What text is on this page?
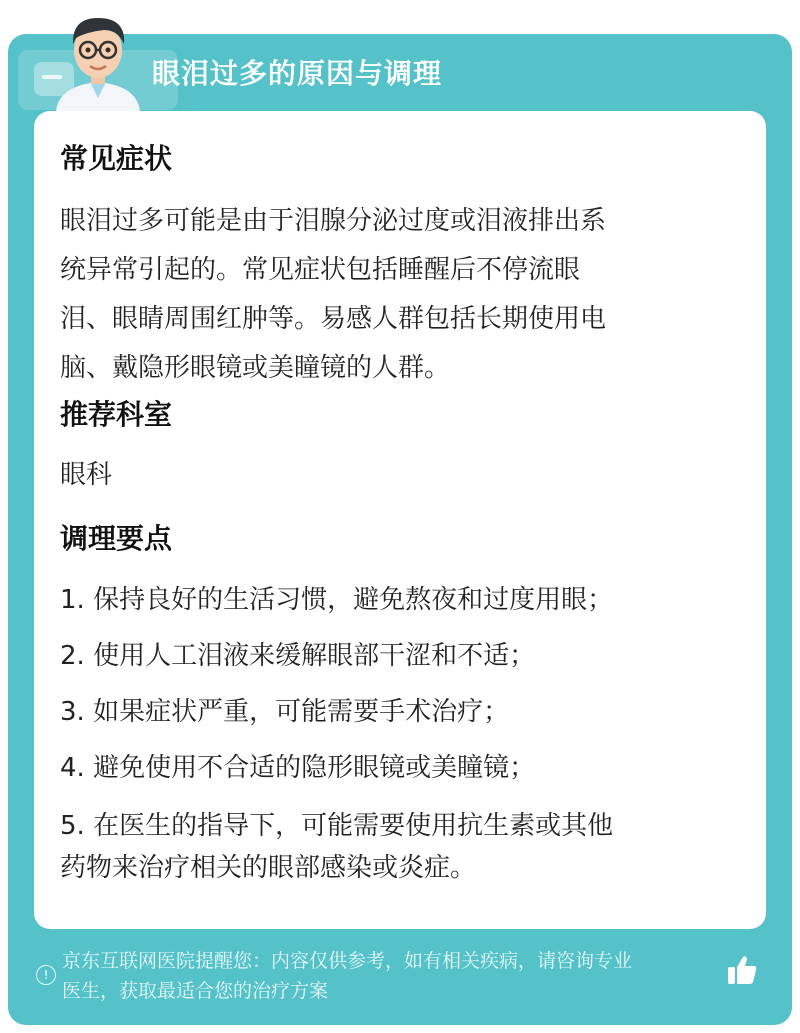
眼泪过多的原因与调理
常见症状
眼泪过多可能是由于泪腺分泌过度或泪液排出系
统异常引起的。常见症状包括睡醒后不停流眼
泪、眼睛周围红肿等。易感人群包括长期使用电
脑、戴隐形眼镜或美瞳镜的人群。
推荐科室
眼科
调理要点
1. 保持良好的生活习惯，避免熬夜和过度用眼；
2. 使用人工泪液来缓解眼部干涩和不适；
3. 如果症状严重，可能需要手术治疗；
4. 避免使用不合适的隐形眼镜或美瞳镜；
5. 在医生的指导下，可能需要使用抗生素或其他
药物来治疗相关的眼部感染或炎症。
!
京东互联网医院提醒您：内容仅供参考，如有相关疾病，请咨询专业
医生，获取最适合您的治疗方案
